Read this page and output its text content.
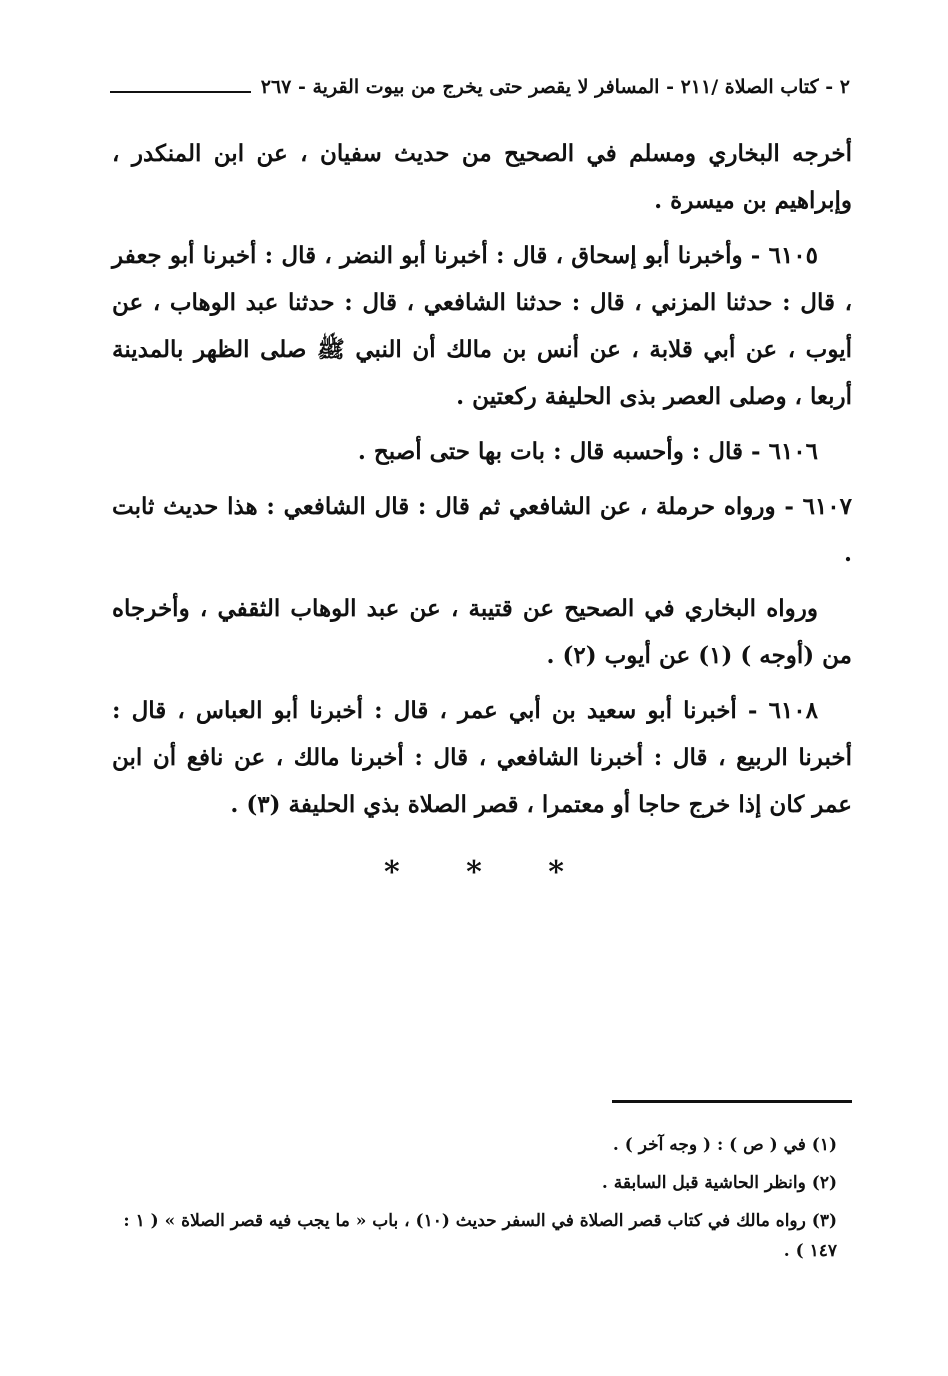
٢ - كتاب الصلاة /٢١١ - المسافر لا يقصر حتى يخرج من بيوت القرية - ٢٦٧

أخرجه البخاري ومسلم في الصحيح من حديث سفيان ، عن ابن المنكدر ، وإبراهيم بن ميسرة .

٦١٠٥ - وأخبرنا أبو إسحاق ، قال : أخبرنا أبو النضر ، قال : أخبرنا أبو جعفر ، قال : حدثنا المزني ، قال : حدثنا الشافعي ، قال : حدثنا عبد الوهاب ، عن أيوب ، عن أبي قلابة ، عن أنس بن مالك أن النبي ﷺ صلى الظهر بالمدينة أربعا ، وصلى العصر بذى الحليفة ركعتين .

٦١٠٦ - قال : وأحسبه قال : بات بها حتى أصبح .

٦١٠٧ - ورواه حرملة ، عن الشافعي ثم قال : قال الشافعي : هذا حديث ثابت .

ورواه البخاري في الصحيح عن قتيبة ، عن عبد الوهاب الثقفي ، وأخرجاه من (أوجه ) (١) عن أيوب (٢) .

٦١٠٨ - أخبرنا أبو سعيد بن أبي عمر ، قال : أخبرنا أبو العباس ، قال : أخبرنا الربيع ، قال : أخبرنا الشافعي ، قال : أخبرنا مالك ، عن نافع أن ابن عمر كان إذا خرج حاجا أو معتمرا ، قصر الصلاة بذي الحليفة (٣) .

* * *

(١) في ( ص ) : ( وجه آخر ) .

(٢) وانظر الحاشية قبل السابقة .

(٣) رواه مالك في كتاب قصر الصلاة في السفر حديث (١٠) ، باب « ما يجب فيه قصر الصلاة » ( ١ : ١٤٧ ) .
